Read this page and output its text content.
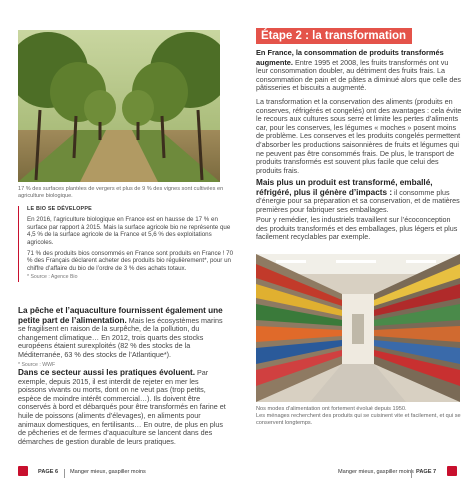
17 % des surfaces plantées de vergers et plus de 9 % des vignes sont cultivées en agriculture biologique.
LE BIO SE DÉVELOPPE

En 2016, l’agriculture biologique en France est en hausse de 17 % en surface par rapport à 2015. Mais la surface agricole bio ne représente que 4,5 % de la surface agricole de la France et 5,6 % des exploitations agricoles.

71 % des produits bios consommés en France sont produits en France ! 70 % des Français déclarent acheter des produits bio régulièrement*, pour un chiffre d’affaire du bio de l’ordre de 3 % des achats totaux.

* Source : Agence Bio
La pêche et l’aquaculture fournissent également une petite part de l’alimentation. Mais les écosystèmes marins se fragilisent en raison de la surpêche, de la pollution, du changement climatique… En 2012, trois quarts des stocks européens étaient surexploités (82 % des stocks de la Méditerranée, 63 % des stocks de l’Atlantique*).
* Source : WWF
Dans ce secteur aussi les pratiques évoluent. Par exemple, depuis 2015, il est interdit de rejeter en mer les poissons vivants ou morts, dont on ne veut pas (trop petits, espèce de moindre intérêt commercial…). Ils doivent être conservés à bord et débarqués pour être transformés en farine et huile de poissons (aliments d’élevages), en aliments pour animaux domestiques, en fertilisants… En outre, de plus en plus de pêcheries et de fermes d’aquaculture se lancent dans des démarches de gestion durable de leurs pratiques.
PAGE 6 Manger mieux, gaspiller moins
Étape 2 : la transformation
En France, la consommation de produits transformés augmente. Entre 1995 et 2008, les fruits transformés ont vu leur consommation doubler, au détriment des fruits frais. La consommation de pain et de pâtes a diminué alors que celle des pâtisseries et biscuits a augmenté.
La transformation et la conservation des aliments (produits en conserves, réfrigérés et congelés) ont des avantages : cela évite le recours aux cultures sous serre et limite les pertes d’aliments car, pour les conserves, les légumes « moches » posent moins de problème. Les conserves et les produits congelés permettent d’absorber les productions saisonnières de fruits et légumes qui ne peuvent pas être consommés frais. De plus, le transport de produits transformés est souvent plus facile que celui des produits frais.
Mais plus un produit est transformé, emballé, réfrigéré, plus il génère d’impacts : il consomme plus d’énergie pour sa préparation et sa conservation, et de matières premières pour fabriquer ses emballages.
Pour y remédier, les industriels travaillent sur l’écoconception des produits transformés et des emballages, plus légers et plus facilement recyclables par exemple.
Nos modes d’alimentation ont fortement évolué depuis 1950.
Les ménages recherchent des produits qui se cuisinent vite et facilement, et qui se conservent longtemps.
Manger mieux, gaspiller moins PAGE 7
